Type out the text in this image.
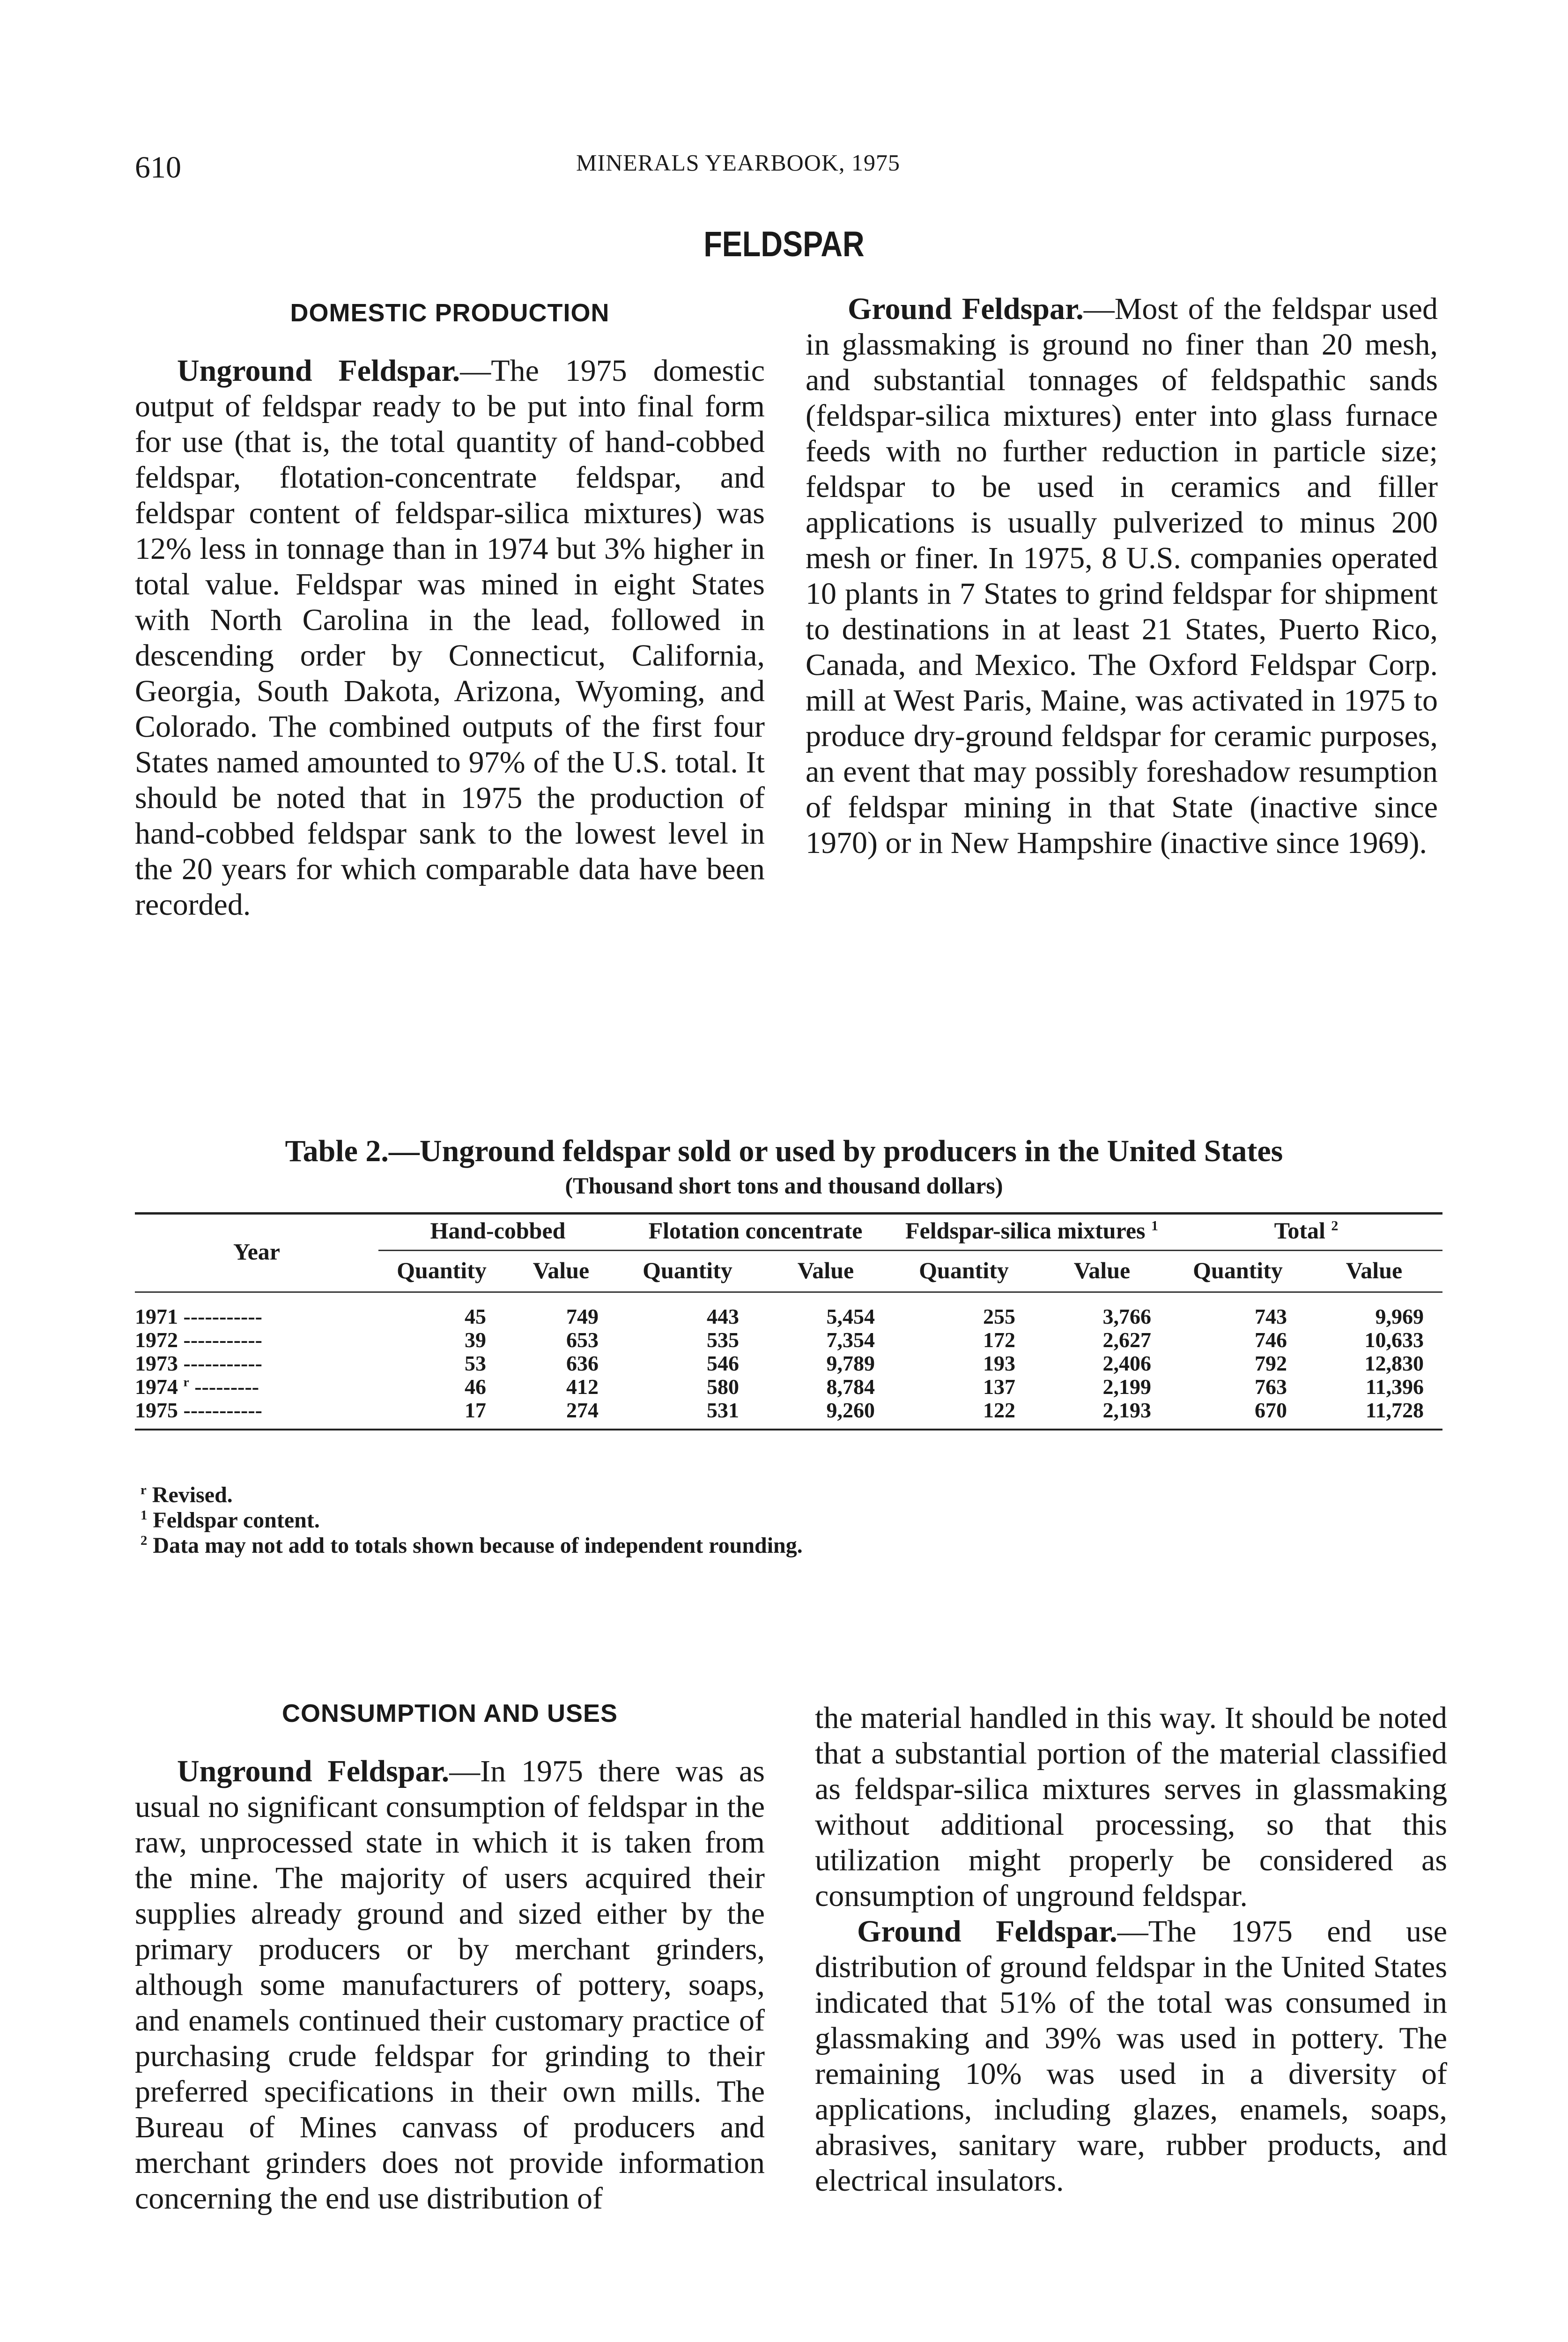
610	MINERALS YEARBOOK, 1975
FELDSPAR
DOMESTIC PRODUCTION

Unground Feldspar.—The 1975 domestic output of feldspar ready to be put into final form for use (that is, the total quantity of hand-cobbed feldspar, flotation-concentrate feldspar, and feldspar content of feldspar-silica mixtures) was 12% less in tonnage than in 1974 but 3% higher in total value. Feldspar was mined in eight States with North Carolina in the lead, followed in descending order by Connecticut, California, Georgia, South Dakota, Arizona, Wyoming, and Colorado. The combined outputs of the first four States named amounted to 97% of the U.S. total. It should be noted that in 1975 the production of hand-cobbed feldspar sank to the lowest level in the 20 years for which comparable data have been recorded.

Ground Feldspar.—Most of the feldspar used in glassmaking is ground no finer than 20 mesh, and substantial tonnages of feldspathic sands (feldspar-silica mixtures) enter into glass furnace feeds with no further reduction in particle size; feldspar to be used in ceramics and filler applications is usually pulverized to minus 200 mesh or finer. In 1975, 8 U.S. companies operated 10 plants in 7 States to grind feldspar for shipment to destinations in at least 21 States, Puerto Rico, Canada, and Mexico. The Oxford Feldspar Corp. mill at West Paris, Maine, was activated in 1975 to produce dry-ground feldspar for ceramic purposes, an event that may possibly foreshadow resumption of feldspar mining in that State (inactive since 1970) or in New Hampshire (inactive since 1969).

Table 2.—Unground feldspar sold or used by producers in the United States
(Thousand short tons and thousand dollars)
Year	Hand-cobbed		Flotation concentrate		Feldspar-silica mixtures $^1$		Total $^2$
	Quantity	Value	Quantity	Value	Quantity	Value	Quantity	Value
1971 -----------	45	749	443	5,454	255	3,766	743	9,969
1972 -----------	39	653	535	7,354	172	2,627	746	10,633
1973 -----------	53	636	546	9,789	193	2,406	792	12,830
1974 $^r$ ---------	46	412	580	8,784	137	2,199	763	11,396
1975 -----------	17	274	531	9,260	122	2,193	670	11,728
$^r$ Revised.
$^1$ Feldspar content.
$^2$ Data may not add to totals shown because of independent rounding.
CONSUMPTION AND USES

Unground Feldspar.—In 1975 there was as usual no significant consumption of feldspar in the raw, unprocessed state in which it is taken from the mine. The majority of users acquired their supplies already ground and sized either by the primary producers or by merchant grinders, although some manufacturers of pottery, soaps, and enamels continued their customary practice of purchasing crude feldspar for grinding to their preferred specifications in their own mills. The Bureau of Mines canvass of producers and merchant grinders does not provide information concerning the end use distribution of

the material handled in this way. It should be noted that a substantial portion of the material classified as feldspar-silica mixtures serves in glassmaking without additional processing, so that this utilization might properly be considered as consumption of unground feldspar.

Ground Feldspar.—The 1975 end use distribution of ground feldspar in the United States indicated that 51% of the total was consumed in glassmaking and 39% was used in pottery. The remaining 10% was used in a diversity of applications, including glazes, enamels, soaps, abrasives, sanitary ware, rubber products, and electrical insulators.
